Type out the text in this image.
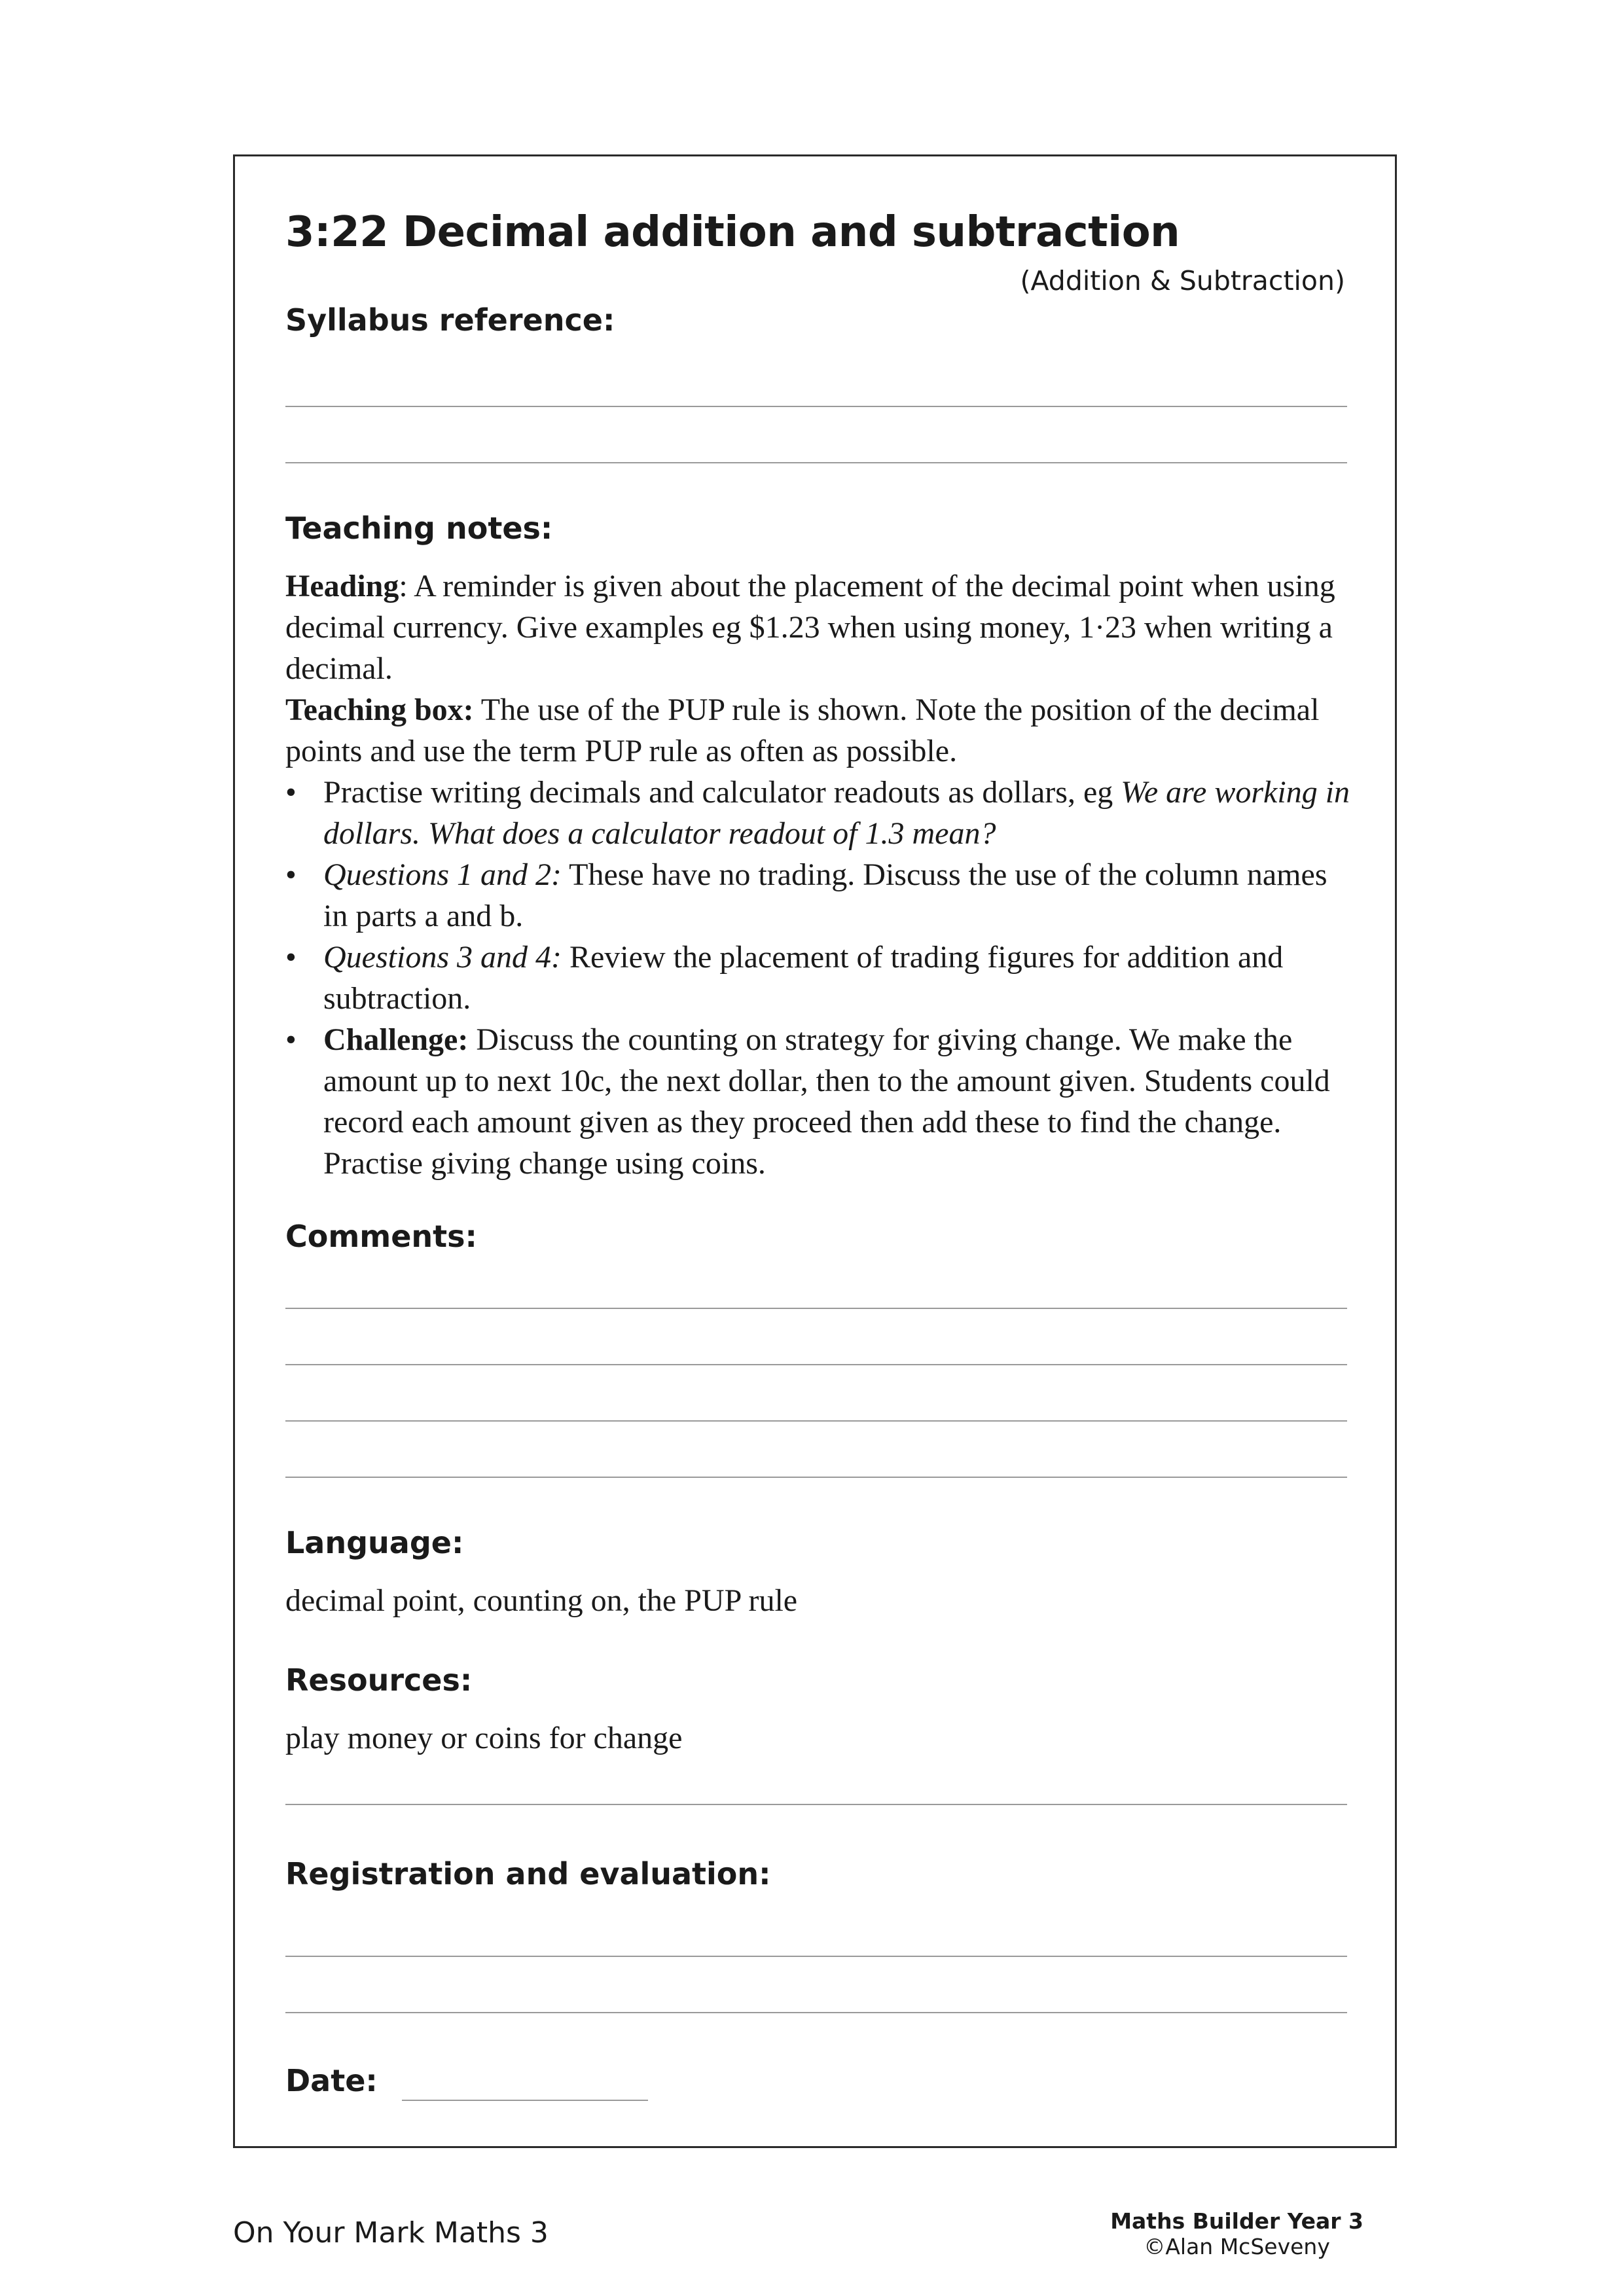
3:22 Decimal addition and subtraction
(Addition & Subtraction)
Syllabus reference:
Teaching notes:

Heading: A reminder is given about the placement of the decimal point when using decimal currency. Give examples eg $1.23 when using money, 1·23 when writing a decimal.

Teaching box: The use of the PUP rule is shown. Note the position of the decimal points and use the term PUP rule as often as possible.

• Practise writing decimals and calculator readouts as dollars, eg We are working in dollars. What does a calculator readout of 1.3 mean?
• Questions 1 and 2: These have no trading. Discuss the use of the column names in parts a and b.
• Questions 3 and 4: Review the placement of trading figures for addition and subtraction.
• Challenge: Discuss the counting on strategy for giving change. We make the amount up to next 10c, the next dollar, then to the amount given. Students could record each amount given as they proceed then add these to find the change. Practise giving change using coins.
Comments:
Language:
decimal point, counting on, the PUP rule
Resources:
play money or coins for change
Registration and evaluation:
Date:
On Your Mark Maths 3	Maths Builder Year 3
©Alan McSeveny
